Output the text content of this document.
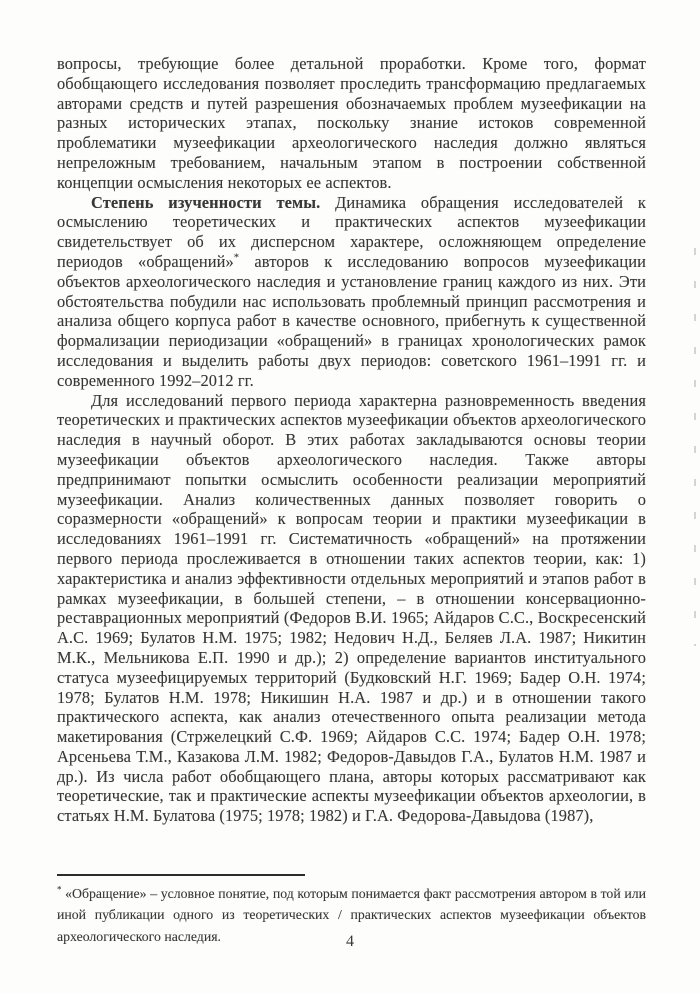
вопросы, требующие более детальной проработки. Кроме того, формат обобщающего исследования позволяет проследить трансформацию предлагаемых авторами средств и путей разрешения обозначаемых проблем музеефикации на разных исторических этапах, поскольку знание истоков современной проблематики музеефикации археологического наследия должно являться непреложным требованием, начальным этапом в построении собственной концепции осмысления некоторых ее аспектов.

Степень изученности темы. Динамика обращения исследователей к осмыслению теоретических и практических аспектов музеефикации свидетельствует об их дисперсном характере, осложняющем определение периодов «обращений»* авторов к исследованию вопросов музеефикации объектов археологического наследия и установление границ каждого из них. Эти обстоятельства побудили нас использовать проблемный принцип рассмотрения и анализа общего корпуса работ в качестве основного, прибегнуть к существенной формализации периодизации «обращений» в границах хронологических рамок исследования и выделить работы двух периодов: советского 1961–1991 гг. и современного 1992–2012 гг.

Для исследований первого периода характерна разновременность введения теоретических и практических аспектов музеефикации объектов археологического наследия в научный оборот. В этих работах закладываются основы теории музеефикации объектов археологического наследия. Также авторы предпринимают попытки осмыслить особенности реализации мероприятий музеефикации. Анализ количественных данных позволяет говорить о соразмерности «обращений» к вопросам теории и практики музеефикации в исследованиях 1961–1991 гг. Систематичность «обращений» на протяжении первого периода прослеживается в отношении таких аспектов теории, как: 1) характеристика и анализ эффективности отдельных мероприятий и этапов работ в рамках музеефикации, в большей степени, – в отношении консервационно-реставрационных мероприятий (Федоров В.И. 1965; Айдаров С.С., Воскресенский А.С. 1969; Булатов Н.М. 1975; 1982; Недович Н.Д., Беляев Л.А. 1987; Никитин М.К., Мельникова Е.П. 1990 и др.); 2) определение вариантов институального статуса музеефицируемых территорий (Будковский Н.Г. 1969; Бадер О.Н. 1974; 1978; Булатов Н.М. 1978; Никишин Н.А. 1987 и др.) и в отношении такого практического аспекта, как анализ отечественного опыта реализации метода макетирования (Стржелецкий С.Ф. 1969; Айдаров С.С. 1974; Бадер О.Н. 1978; Арсеньева Т.М., Казакова Л.М. 1982; Федоров-Давыдов Г.А., Булатов Н.М. 1987 и др.). Из числа работ обобщающего плана, авторы которых рассматривают как теоретические, так и практические аспекты музеефикации объектов археологии, в статьях Н.М. Булатова (1975; 1978; 1982) и Г.А. Федорова-Давыдова (1987),

* «Обращение» – условное понятие, под которым понимается факт рассмотрения автором в той или иной публикации одного из теоретических / практических аспектов музеефикации объектов археологического наследия.	4
